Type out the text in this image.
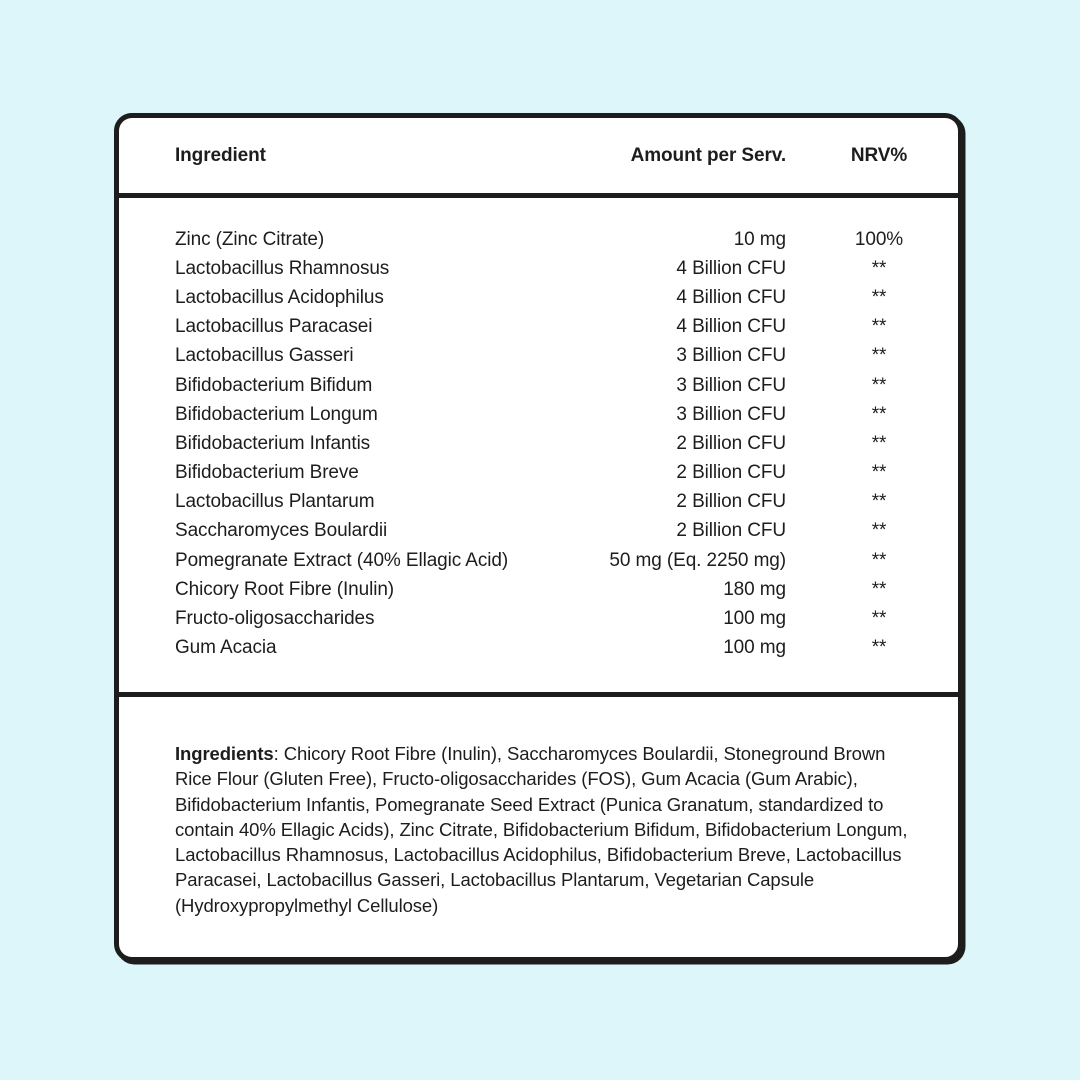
Ingredient	Amount per Serv.	NRV%
Zinc (Zinc Citrate)	10 mg	100%
Lactobacillus Rhamnosus	4 Billion CFU	**
Lactobacillus Acidophilus	4 Billion CFU	**
Lactobacillus Paracasei	4 Billion CFU	**
Lactobacillus Gasseri	3 Billion CFU	**
Bifidobacterium Bifidum	3 Billion CFU	**
Bifidobacterium Longum	3 Billion CFU	**
Bifidobacterium Infantis	2 Billion CFU	**
Bifidobacterium Breve	2 Billion CFU	**
Lactobacillus Plantarum	2 Billion CFU	**
Saccharomyces Boulardii	2 Billion CFU	**
Pomegranate Extract (40% Ellagic Acid)	50 mg (Eq. 2250 mg)	**
Chicory Root Fibre (Inulin)	180 mg	**
Fructo-oligosaccharides	100 mg	**
Gum Acacia	100 mg	**
Ingredients: Chicory Root Fibre (Inulin), Saccharomyces Boulardii, Stoneground Brown Rice Flour (Gluten Free), Fructo-oligosaccharides (FOS), Gum Acacia (Gum Arabic), Bifidobacterium Infantis, Pomegranate Seed Extract (Punica Granatum, standardized to contain 40% Ellagic Acids), Zinc Citrate, Bifidobacterium Bifidum, Bifidobacterium Longum, Lactobacillus Rhamnosus, Lactobacillus Acidophilus, Bifidobacterium Breve, Lactobacillus Paracasei, Lactobacillus Gasseri, Lactobacillus Plantarum, Vegetarian Capsule (Hydroxypropylmethyl Cellulose)
